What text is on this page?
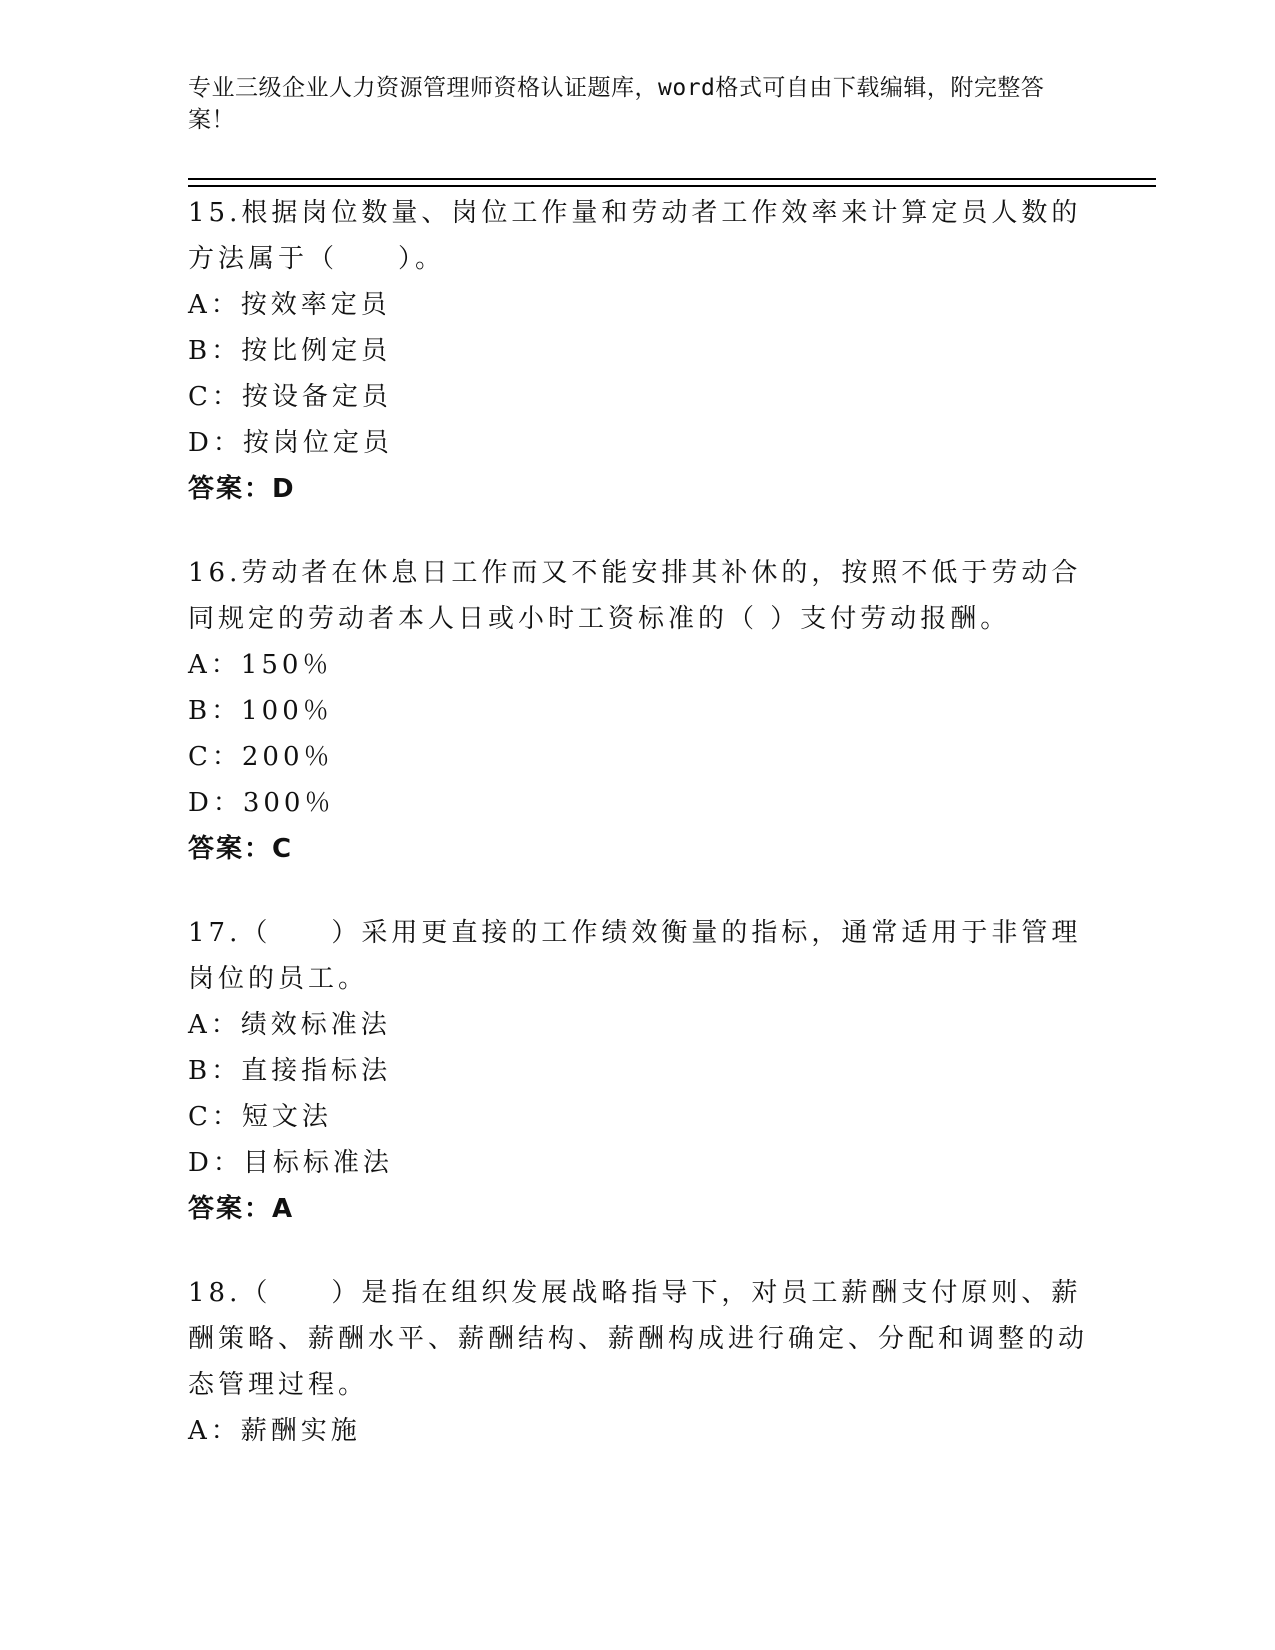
专业三级企业人力资源管理师资格认证题库，word格式可自由下载编辑，附完整答案！

15.根据岗位数量、岗位工作量和劳动者工作效率来计算定员人数的方法属于（　　）。

A：按效率定员

B：按比例定员

C：按设备定员

D：按岗位定员

答案：D

16.劳动者在休息日工作而又不能安排其补休的，按照不低于劳动合同规定的劳动者本人日或小时工资标准的（ ）支付劳动报酬。

A：150％

B：100％

C：200％

D：300％

答案：C

17.（　　）采用更直接的工作绩效衡量的指标，通常适用于非管理岗位的员工。

A：绩效标准法

B：直接指标法

C：短文法

D：目标标准法

答案：A

18.（　　）是指在组织发展战略指导下，对员工薪酬支付原则、薪酬策略、薪酬水平、薪酬结构、薪酬构成进行确定、分配和调整的动态管理过程。

A：薪酬实施
